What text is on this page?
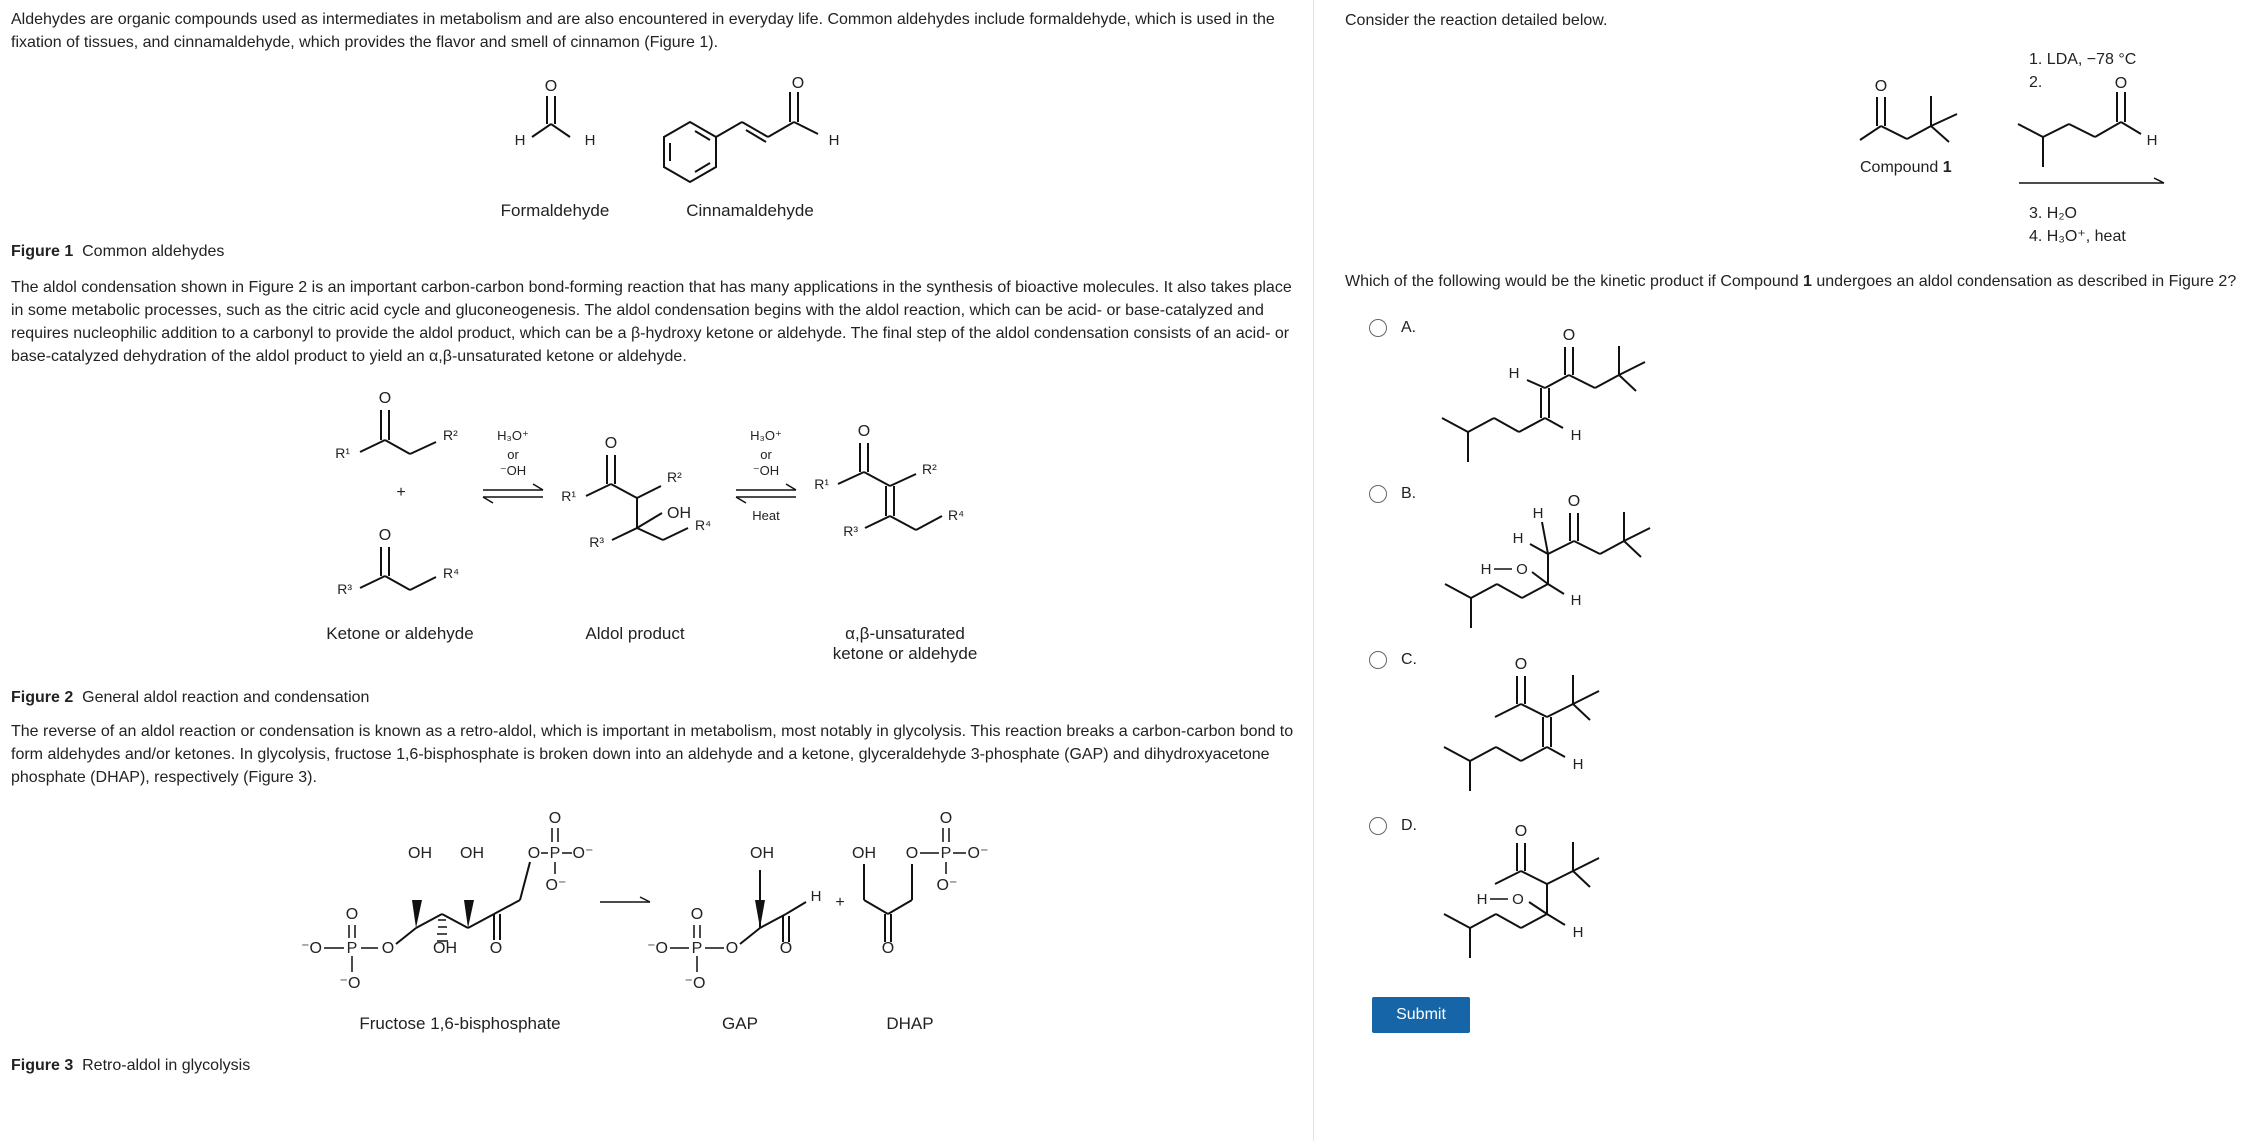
Aldehydes are organic compounds used as intermediates in metabolism and are also encountered in everyday life. Common aldehydes include formaldehyde, which is used in the fixation of tissues, and cinnamaldehyde, which provides the flavor and smell of cinnamon (Figure 1).

O
H	H
O
H
Formaldehyde	Cinnamaldehyde
Figure 1 Common aldehydes

The aldol condensation shown in Figure 2 is an important carbon-carbon bond-forming reaction that has many applications in the synthesis of bioactive molecules. It also takes place in some metabolic processes, such as the citric acid cycle and gluconeogenesis. The aldol condensation begins with the aldol reaction, which can be acid- or base-catalyzed and requires nucleophilic addition to a carbonyl to provide the aldol product, which can be a β-hydroxy ketone or aldehyde. The final step of the aldol condensation consists of an acid- or base-catalyzed dehydration of the aldol product to yield an α,β-unsaturated ketone or aldehyde.

O
R¹
R²
+
O
R³
R⁴
H₃O⁺
or
⁻OH
O
R¹
R²
OH
R⁴
R³
H₃O⁺
or
⁻OH
Heat
O
R¹
R²
R⁴
R³
Ketone or aldehyde	Aldol product	α,β-unsaturated
ketone or aldehyde
Figure 2 General aldol reaction and condensation

The reverse of an aldol reaction or condensation is known as a retro-aldol, which is important in metabolism, most notably in glycolysis. This reaction breaks a carbon-carbon bond to form aldehydes and/or ketones. In glycolysis, fructose 1,6-bisphosphate is broken down into an aldehyde and a ketone, glyceraldehyde 3-phosphate (GAP) and dihydroxyacetone phosphate (DHAP), respectively (Figure 3).

O
P
⁻O	O
⁻O
OH
OH
OH
O
O P O⁻
O
O⁻
O
P
⁻O	O
⁻O
OH
O
H +
OH
O
O P O⁻
O
O⁻
Fructose 1,6-bisphosphate	GAP	DHAP
Figure 3 Retro-aldol in glycolysis
Consider the reaction detailed below.
1. LDA, −78 °C
2.
3. H₂O
4. H₃O⁺, heat
Compound 1
O	O
H
Which of the following would be the kinetic product if Compound 1 undergoes an aldol condensation as described in Figure 2?
A.	O
H
H
B.	O
H
H
H
O
H
C.	O
H
D.	O
H
O
H
Submit
